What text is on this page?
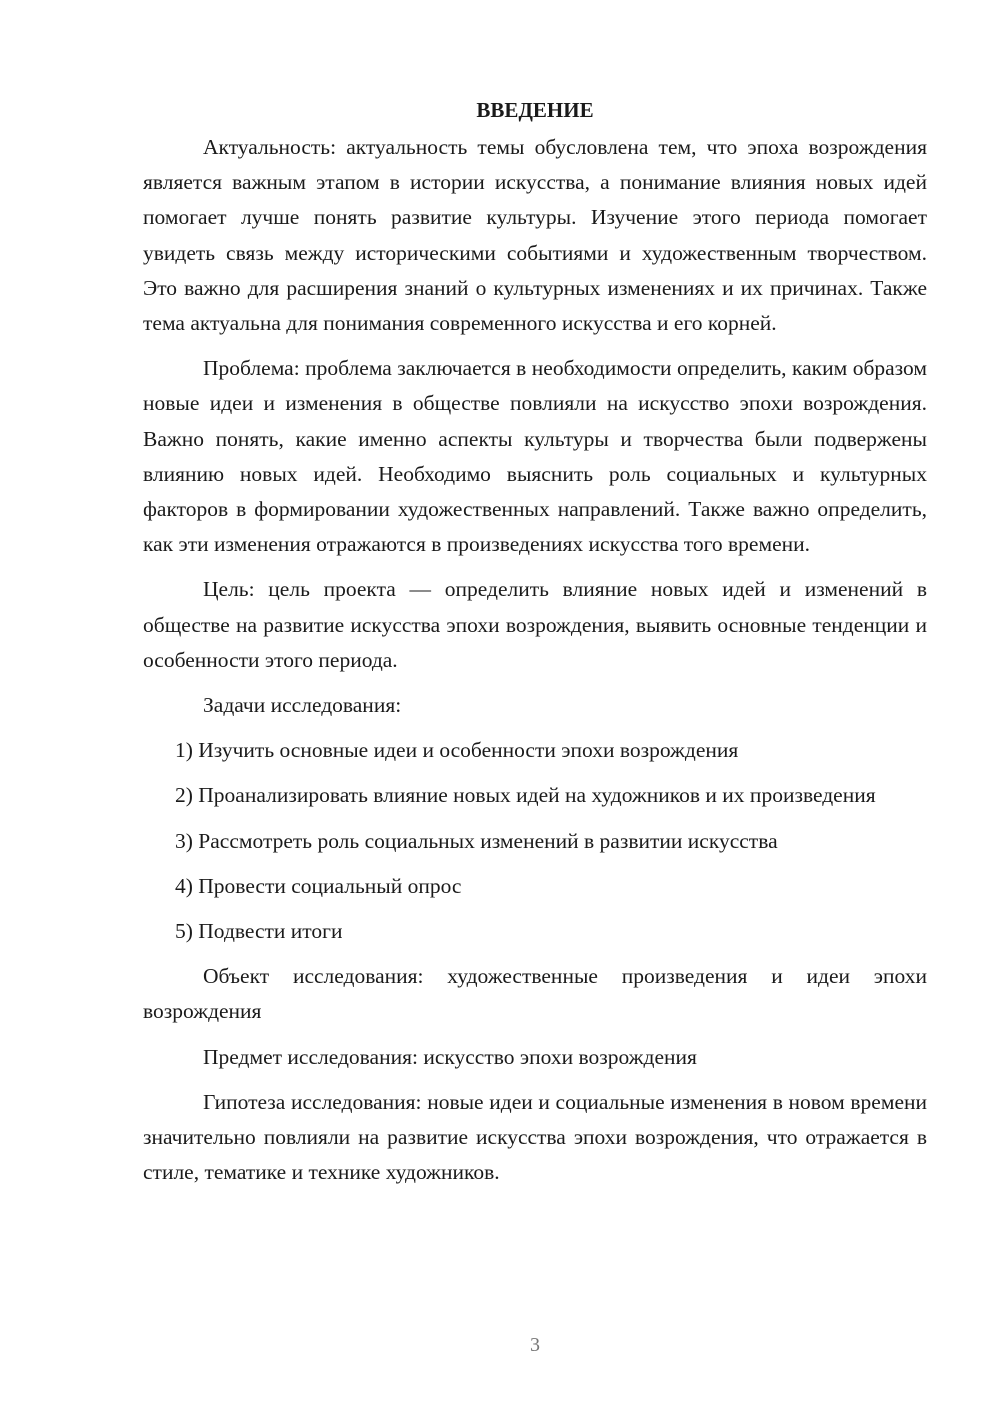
ВВЕДЕНИЕ

Актуальность: актуальность темы обусловлена тем, что эпоха возрождения является важным этапом в истории искусства, а понимание влияния новых идей помогает лучше понять развитие культуры. Изучение этого периода помогает увидеть связь между историческими событиями и художественным творчеством. Это важно для расширения знаний о культурных изменениях и их причинах. Также тема актуальна для понимания современного искусства и его корней.

Проблема: проблема заключается в необходимости определить, каким образом новые идеи и изменения в обществе повлияли на искусство эпохи возрождения. Важно понять, какие именно аспекты культуры и творчества были подвержены влиянию новых идей. Необходимо выяснить роль социальных и культурных факторов в формировании художественных направлений. Также важно определить, как эти изменения отражаются в произведениях искусства того времени.

Цель: цель проекта — определить влияние новых идей и изменений в обществе на развитие искусства эпохи возрождения, выявить основные тенденции и особенности этого периода.

Задачи исследования:

1) Изучить основные идеи и особенности эпохи возрождения

2) Проанализировать влияние новых идей на художников и их произведения

3) Рассмотреть роль социальных изменений в развитии искусства

4) Провести социальный опрос

5) Подвести итоги

Объект исследования: художественные произведения и идеи эпохи возрождения

Предмет исследования: искусство эпохи возрождения

Гипотеза исследования: новые идеи и социальные изменения в новом времени значительно повлияли на развитие искусства эпохи возрождения, что отражается в стиле, тематике и технике художников.

3
